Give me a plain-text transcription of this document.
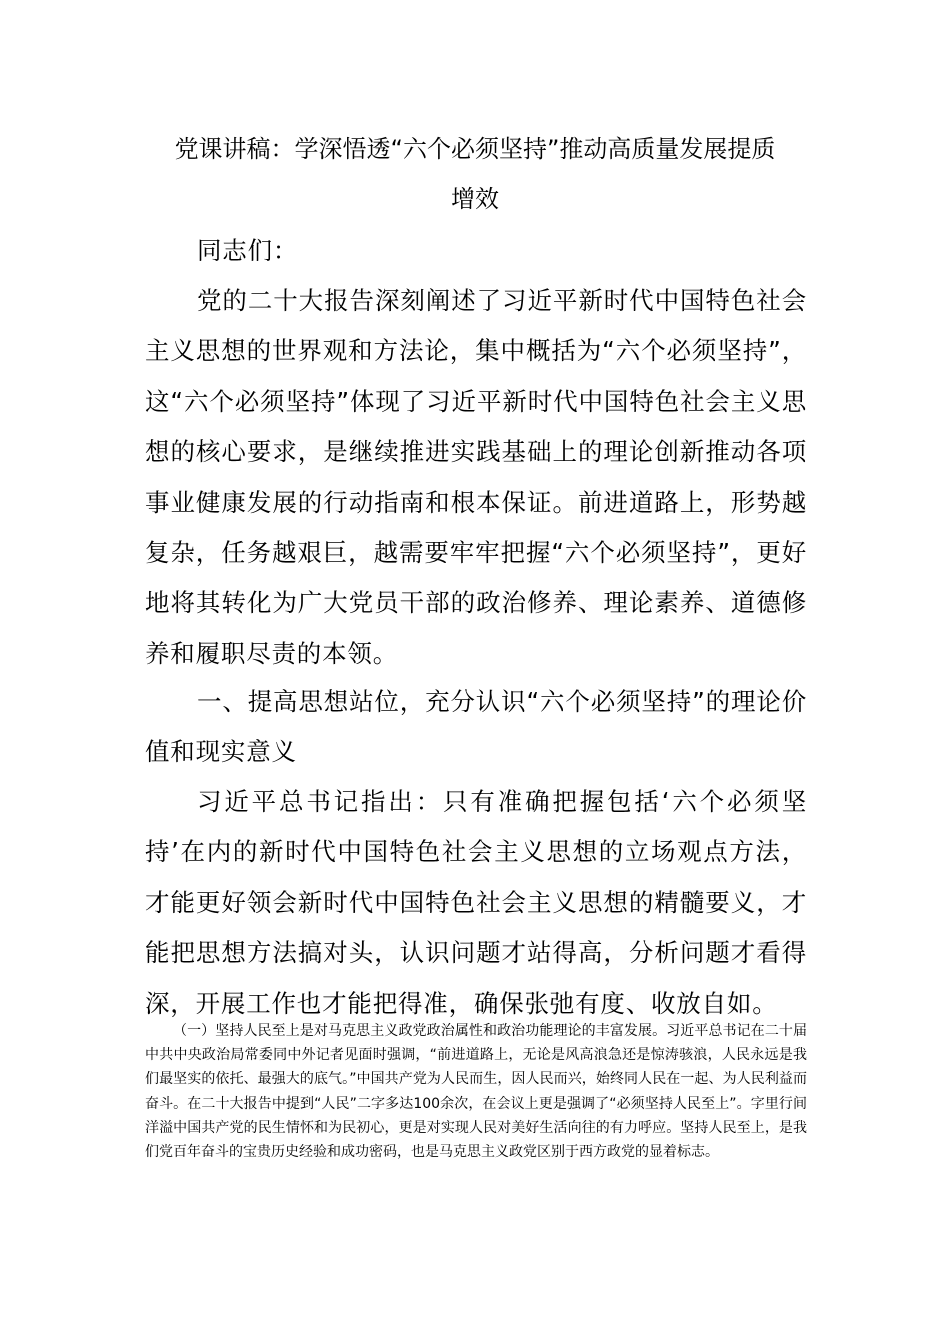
党课讲稿：学深悟透“六个必须坚持”推动高质量发展提质
增效

同志们：

党的二十大报告深刻阐述了习近平新时代中国特色社会主义思想的世界观和方法论，集中概括为“六个必须坚持”，这“六个必须坚持”体现了习近平新时代中国特色社会主义思想的核心要求，是继续推进实践基础上的理论创新推动各项事业健康发展的行动指南和根本保证。前进道路上，形势越复杂，任务越艰巨，越需要牢牢把握“六个必须坚持”，更好地将其转化为广大党员干部的政治修养、理论素养、道德修养和履职尽责的本领。

一、提高思想站位，充分认识“六个必须坚持”的理论价值和现实意义

习近平总书记指出：只有准确把握包括‘六个必须坚持’在内的新时代中国特色社会主义思想的立场观点方法，才能更好领会新时代中国特色社会主义思想的精髓要义，才能把思想方法搞对头，认识问题才站得高，分析问题才看得深，开展工作也才能把得准，确保张弛有度、收放自如。

（一）坚持人民至上是对马克思主义政党政治属性和政治功能理论的丰富发展。习近平总书记在二十届中共中央政治局常委同中外记者见面时强调，“前进道路上，无论是风高浪急还是惊涛骇浪，人民永远是我们最坚实的依托、最强大的底气。”中国共产党为人民而生，因人民而兴，始终同人民在一起、为人民利益而奋斗。在二十大报告中提到“人民”二字多达100余次，在会议上更是强调了“必须坚持人民至上”。字里行间洋溢中国共产党的民生情怀和为民初心，更是对实现人民对美好生活向往的有力呼应。坚持人民至上，是我们党百年奋斗的宝贵历史经验和成功密码，也是马克思主义政党区别于西方政党的显着标志。
